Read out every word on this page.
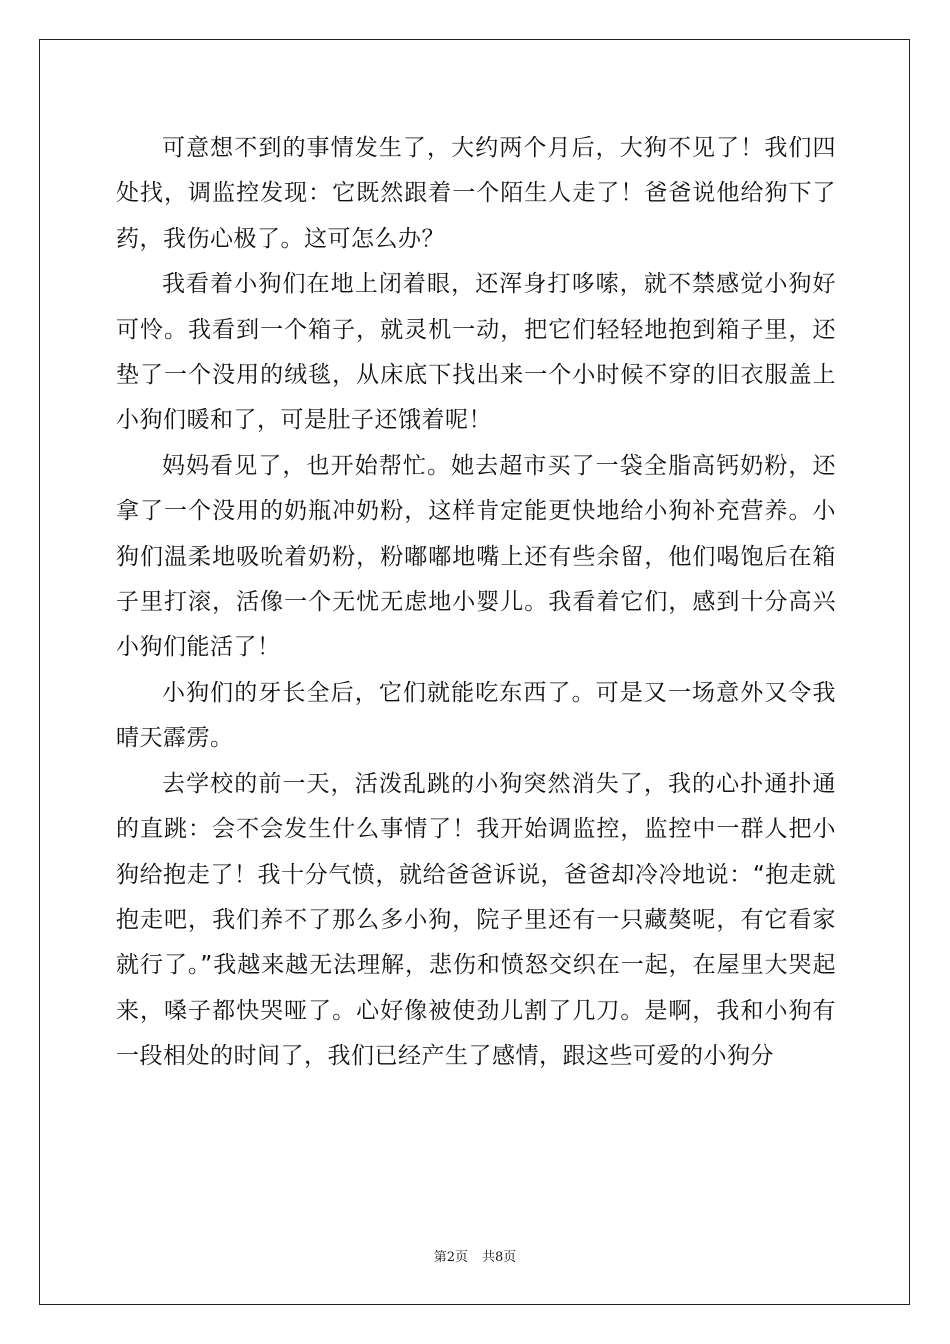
可意想不到的事情发生了，大约两个月后，大狗不见了！我们四处找，调监控发现：它既然跟着一个陌生人走了！爸爸说他给狗下了药，我伤心极了。这可怎么办？

我看着小狗们在地上闭着眼，还浑身打哆嗦，就不禁感觉小狗好可怜。我看到一个箱子，就灵机一动，把它们轻轻地抱到箱子里，还垫了一个没用的绒毯，从床底下找出来一个小时候不穿的旧衣服盖上小狗们暖和了，可是肚子还饿着呢！

妈妈看见了，也开始帮忙。她去超市买了一袋全脂高钙奶粉，还拿了一个没用的奶瓶冲奶粉，这样肯定能更快地给小狗补充营养。小狗们温柔地吸吮着奶粉，粉嘟嘟地嘴上还有些余留，他们喝饱后在箱子里打滚，活像一个无忧无虑地小婴儿。我看着它们，感到十分高兴小狗们能活了！

小狗们的牙长全后，它们就能吃东西了。可是又一场意外又令我晴天霹雳。

去学校的前一天，活泼乱跳的小狗突然消失了，我的心扑通扑通的直跳：会不会发生什么事情了！我开始调监控，监控中一群人把小狗给抱走了！我十分气愤，就给爸爸诉说，爸爸却冷冷地说：“抱走就抱走吧，我们养不了那么多小狗，院子里还有一只藏獒呢，有它看家就行了。”我越来越无法理解，悲伤和愤怒交织在一起，在屋里大哭起来，嗓子都快哭哑了。心好像被使劲儿割了几刀。是啊，我和小狗有一段相处的时间了，我们已经产生了感情，跟这些可爱的小狗分

第2页 共8页
